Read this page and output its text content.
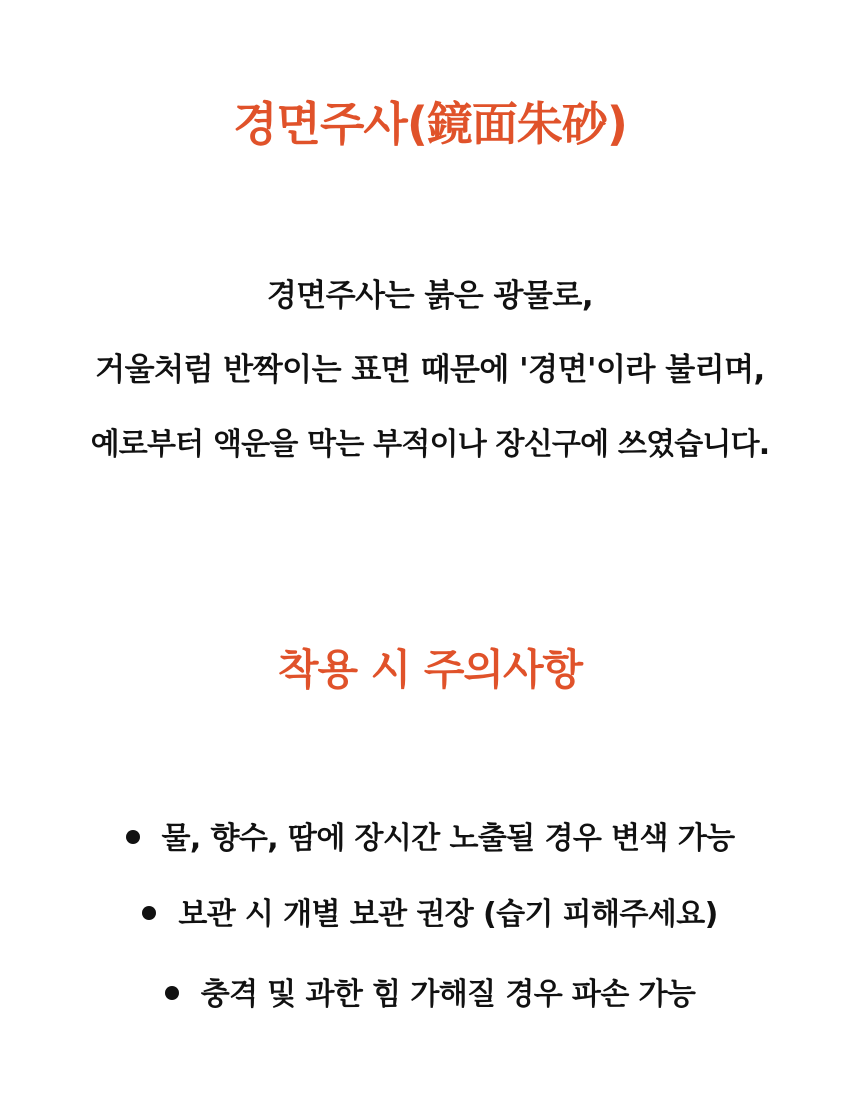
경면주사(鏡面朱砂)
경면주사는 붉은 광물로,
거울처럼 반짝이는 표면 때문에 '경면'이라 불리며,
예로부터 액운을 막는 부적이나 장신구에 쓰였습니다.
착용 시 주의사항
물, 향수, 땀에 장시간 노출될 경우 변색 가능
보관 시 개별 보관 권장 (습기 피해주세요)
충격 및 과한 힘 가해질 경우 파손 가능
